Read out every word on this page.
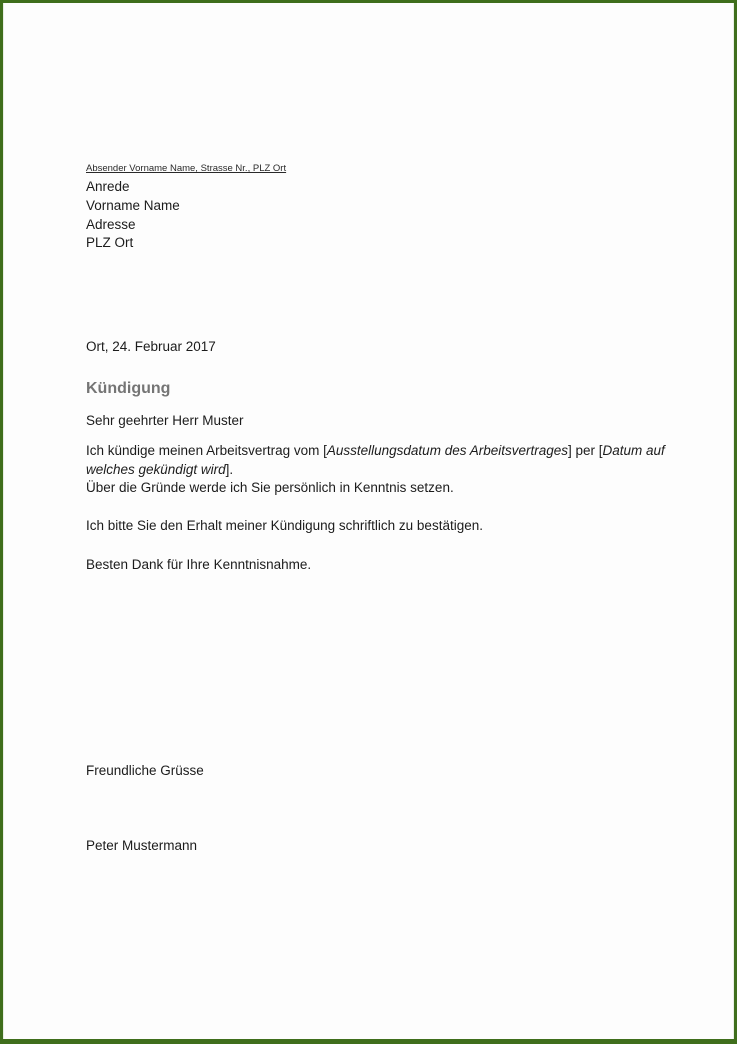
Absender Vorname Name, Strasse Nr., PLZ Ort

Anrede

Vorname Name

Adresse

PLZ Ort

Ort, 24. Februar 2017

Kündigung

Sehr geehrter Herr Muster

Ich kündige meinen Arbeitsvertrag vom [Ausstellungsdatum des Arbeitsvertrages] per [Datum auf welches gekündigt wird].
Über die Gründe werde ich Sie persönlich in Kenntnis setzen.

Ich bitte Sie den Erhalt meiner Kündigung schriftlich zu bestätigen.

Besten Dank für Ihre Kenntnisnahme.

Freundliche Grüsse

Peter Mustermann
